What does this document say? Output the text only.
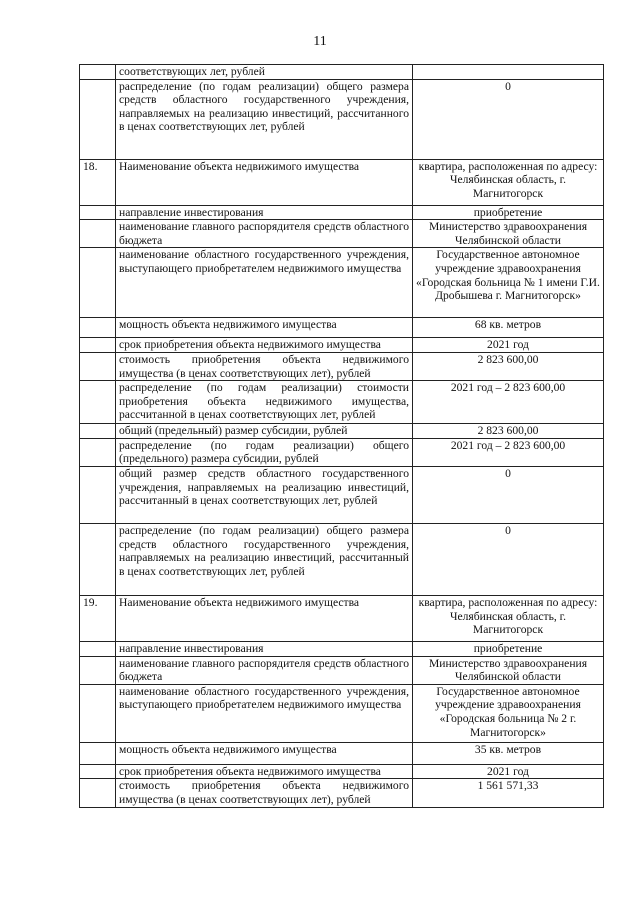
11
	соответствующих лет, рублей	
	распределение (по годам реализации) общего размера средств областного государственного учреждения, направляемых на реализацию инвестиций, рассчитанного в ценах соответствующих лет, рублей	0
18.	Наименование объекта недвижимого имущества	квартира, расположенная по адресу: Челябинская область, г. Магнитогорск
	направление инвестирования	приобретение
	наименование главного распорядителя средств областного бюджета	Министерство здравоохранения Челябинской области
	наименование областного государственного учреждения, выступающего приобретателем недвижимого имущества	Государственное автономное учреждение здравоохранения «Городская больница № 1 имени Г.И. Дробышева г. Магнитогорск»
	мощность объекта недвижимого имущества	68 кв. метров
	срок приобретения объекта недвижимого имущества	2021 год
	стоимость приобретения объекта недвижимого имущества (в ценах соответствующих лет), рублей	2 823 600,00
	распределение (по годам реализации) стоимости приобретения объекта недвижимого имущества, рассчитанной в ценах соответствующих лет, рублей	2021 год – 2 823 600,00
	общий (предельный) размер субсидии, рублей	2 823 600,00
	распределение (по годам реализации) общего (предельного) размера субсидии, рублей	2021 год – 2 823 600,00
	общий размер средств областного государственного учреждения, направляемых на реализацию инвестиций, рассчитанный в ценах соответствующих лет, рублей	0
	распределение (по годам реализации) общего размера средств областного государственного учреждения, направляемых на реализацию инвестиций, рассчитанный в ценах соответствующих лет, рублей	0
19.	Наименование объекта недвижимого имущества	квартира, расположенная по адресу: Челябинская область, г. Магнитогорск
	направление инвестирования	приобретение
	наименование главного распорядителя средств областного бюджета	Министерство здравоохранения Челябинской области
	наименование областного государственного учреждения, выступающего приобретателем недвижимого имущества	Государственное автономное учреждение здравоохранения «Городская больница № 2 г. Магнитогорск»
	мощность объекта недвижимого имущества	35 кв. метров
	срок приобретения объекта недвижимого имущества	2021 год
	стоимость приобретения объекта недвижимого имущества (в ценах соответствующих лет), рублей	1 561 571,33
